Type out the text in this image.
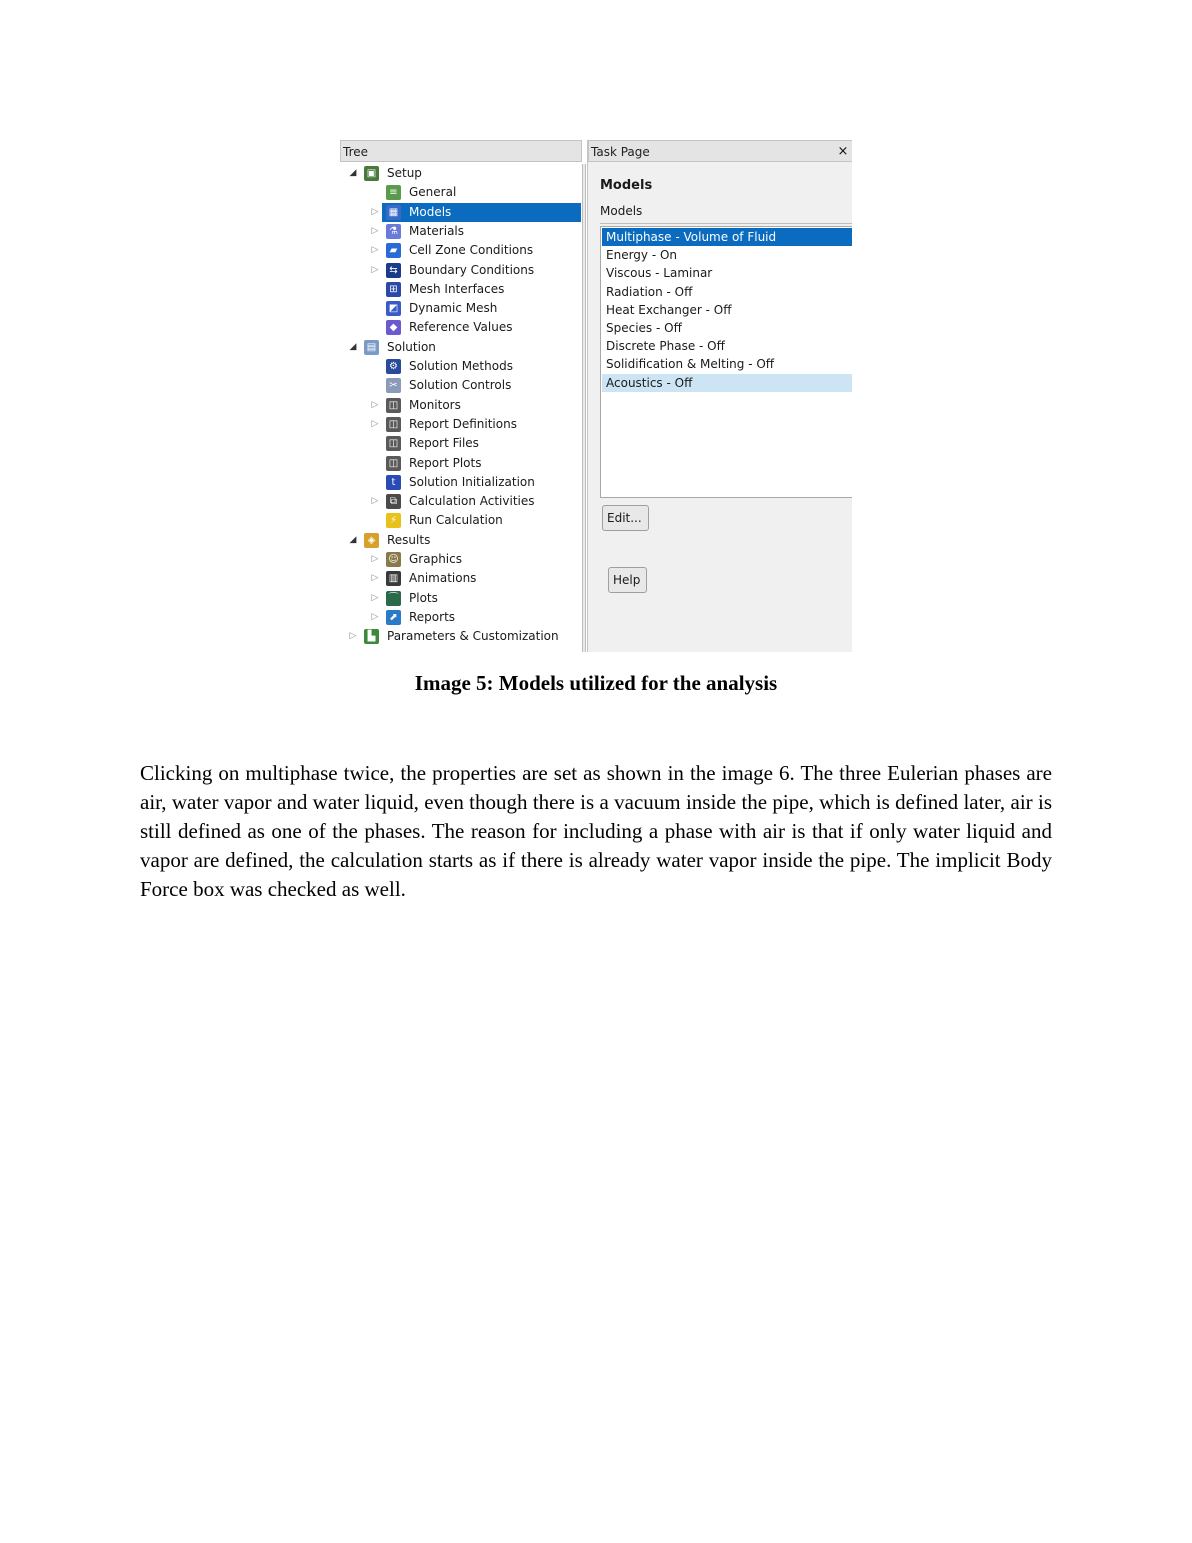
Tree
◢ ▣ Setup
≡ General
▷ ▦ Models
▷	⚗ Materials
▷	▰ Cell Zone Conditions
▷	⇆ Boundary Conditions
⊞ Mesh Interfaces
◩ Dynamic Mesh
◆ Reference Values
◢ ▤ Solution
⚙ Solution Methods
✂ Solution Controls
▷ ◫ Monitors
▷ ◫ Report Definitions
◫ Report Files
◫ Report Plots
t	Solution Initialization
▷	⧉ Calculation Activities
⚡ Run Calculation
◢	◈ Results
▷ ☺ Graphics
▷ ▥ Animations
▷ ⌒ Plots
▷	⬈ Reports
▷	▙ Parameters & Customization
Task Page	×
Models
Models
Multiphase - Volume of Fluid
Energy - On
Viscous - Laminar
Radiation - Off
Heat Exchanger - Off
Species - Off
Discrete Phase - Off
Solidification & Melting - Off
Acoustics - Off
Edit...
Help
Image 5: Models utilized for the analysis

Clicking on multiphase twice, the properties are set as shown in the image 6. The three Eulerian phases are air, water vapor and water liquid, even though there is a vacuum inside the pipe, which is defined later, air is still defined as one of the phases. The reason for including a phase with air is that if only water liquid and vapor are defined, the calculation starts as if there is already water vapor inside the pipe. The implicit Body Force box was checked as well.
